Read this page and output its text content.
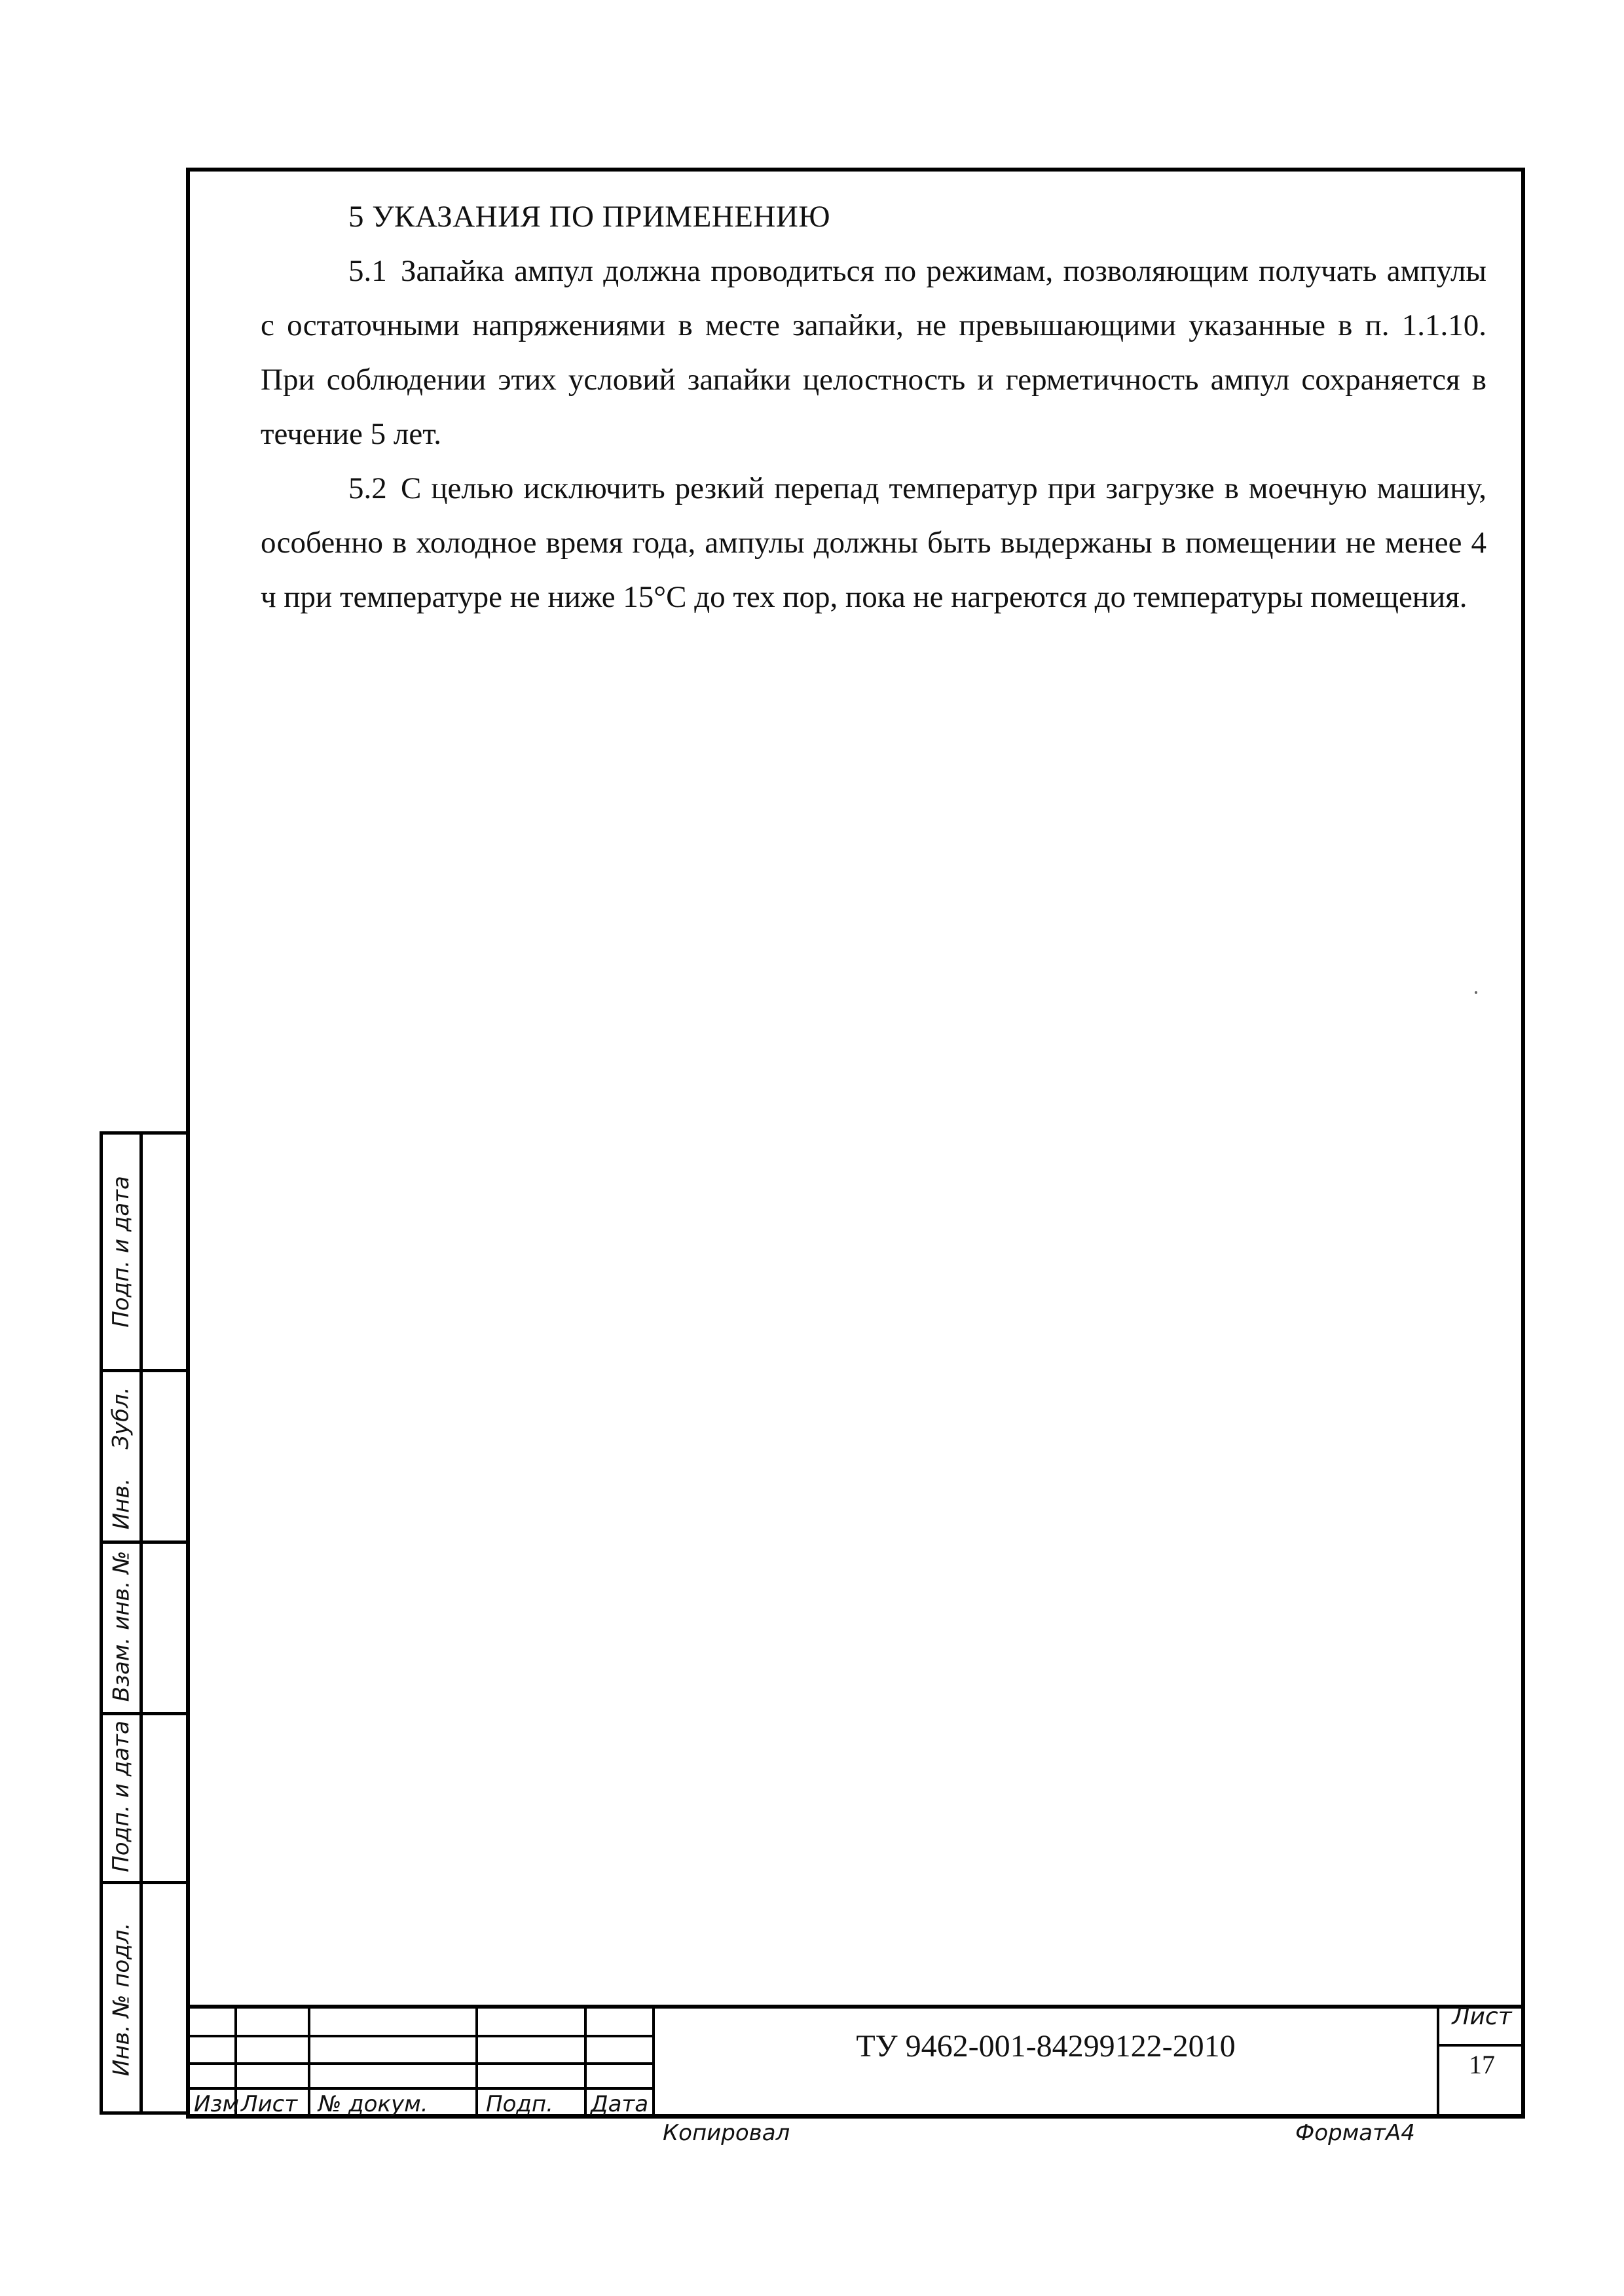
5 УКАЗАНИЯ ПО ПРИМЕНЕНИЮ

5.1 Запайка ампул должна проводиться по режимам, позволяющим получать ампулы с остаточными напряжениями в месте запайки, не превышающими указанные в п. 1.1.10. При соблюдении этих условий запайки целостность и герметичность ампул сохраняется в течение 5 лет.

5.2 С целью исключить резкий перепад температур при загрузке в моечную машину, особенно в холодное время года, ампулы должны быть выдержаны в помещении не менее 4 ч при температуре не ниже 15°С до тех пор, пока не нагреются до температуры помещения.

Подп. и дата
Зубл.
Инв.
Взам. инв. №
Подп. и дата
Инв. № подл.
Изм Лист № докум.	Подп. Дата
ТУ 9462-001-84299122-2010
Лист
17
Копировал	ФорматА4
